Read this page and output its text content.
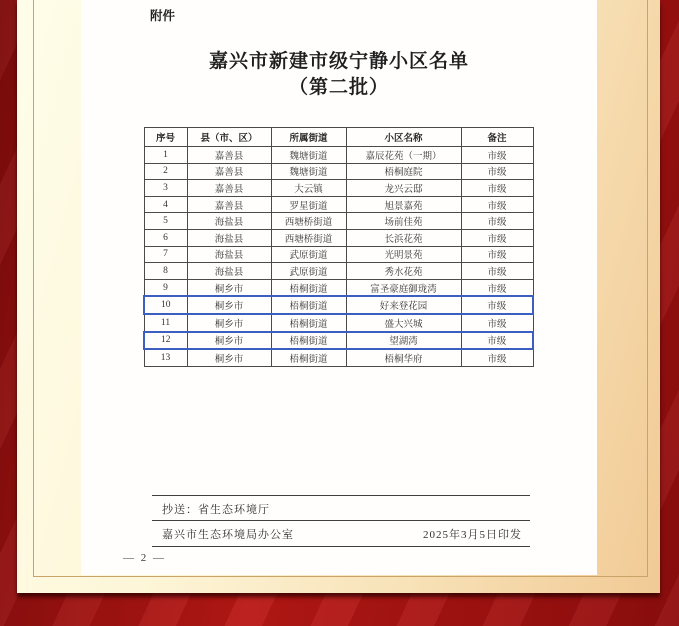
附件
嘉兴市新建市级宁静小区名单
（第二批）
序号	县（市、区）	所属街道	小区名称	备注
1	嘉善县	魏塘街道	嘉辰花苑（一期）	市级
2	嘉善县	魏塘街道	梧桐庭院	市级
3	嘉善县	大云镇	龙兴云邸	市级
4	嘉善县	罗星街道	旭景嘉苑	市级
5	海盐县	西塘桥街道	场前佳苑	市级
6	海盐县	西塘桥街道	长浜花苑	市级
7	海盐县	武原街道	光明景苑	市级
8	海盐县	武原街道	秀水花苑	市级
9	桐乡市	梧桐街道	富圣豪庭御珑湾	市级
10	桐乡市	梧桐街道	好来登花园	市级
11	桐乡市	梧桐街道	盛大兴城	市级
12	桐乡市	梧桐街道	望湖湾	市级
13	桐乡市	梧桐街道	梧桐华府	市级
抄送：省生态环境厅
嘉兴市生态环境局办公室	2025年3月5日印发
— 2 —
